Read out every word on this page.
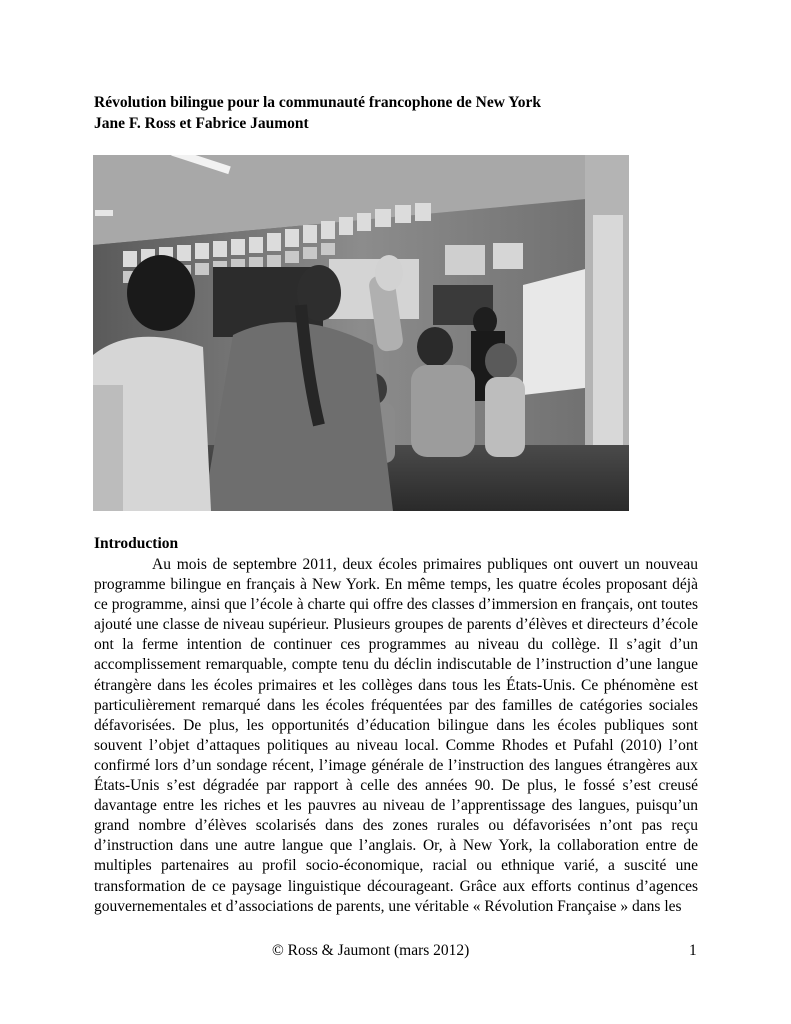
Révolution bilingue pour la communauté francophone de New York
Jane F. Ross et Fabrice Jaumont
Introduction

Au mois de septembre 2011, deux écoles primaires publiques ont ouvert un nouveau programme bilingue en français à New York. En même temps, les quatre écoles proposant déjà ce programme, ainsi que l’école à charte qui offre des classes d’immersion en français, ont toutes ajouté une classe de niveau supérieur. Plusieurs groupes de parents d’élèves et directeurs d’école ont la ferme intention de continuer ces programmes au niveau du collège. Il s’agit d’un accomplissement remarquable, compte tenu du déclin indiscutable de l’instruction d’une langue étrangère dans les écoles primaires et les collèges dans tous les États-Unis. Ce phénomène est particulièrement remarqué dans les écoles fréquentées par des familles de catégories sociales défavorisées. De plus, les opportunités d’éducation bilingue dans les écoles publiques sont souvent l’objet d’attaques politiques au niveau local. Comme Rhodes et Pufahl (2010) l’ont confirmé lors d’un sondage récent, l’image générale de l’instruction des langues étrangères aux États-Unis s’est dégradée par rapport à celle des années 90. De plus, le fossé s’est creusé davantage entre les riches et les pauvres au niveau de l’apprentissage des langues, puisqu’un grand nombre d’élèves scolarisés dans des zones rurales ou défavorisées n’ont pas reçu d’instruction dans une autre langue que l’anglais. Or, à New York, la collaboration entre de multiples partenaires au profil socio-économique, racial ou ethnique varié, a suscité une transformation de ce paysage linguistique décourageant. Grâce aux efforts continus d’agences gouvernementales et d’associations de parents, une véritable « Révolution Française » dans les

© Ross & Jaumont (mars 2012)	1
